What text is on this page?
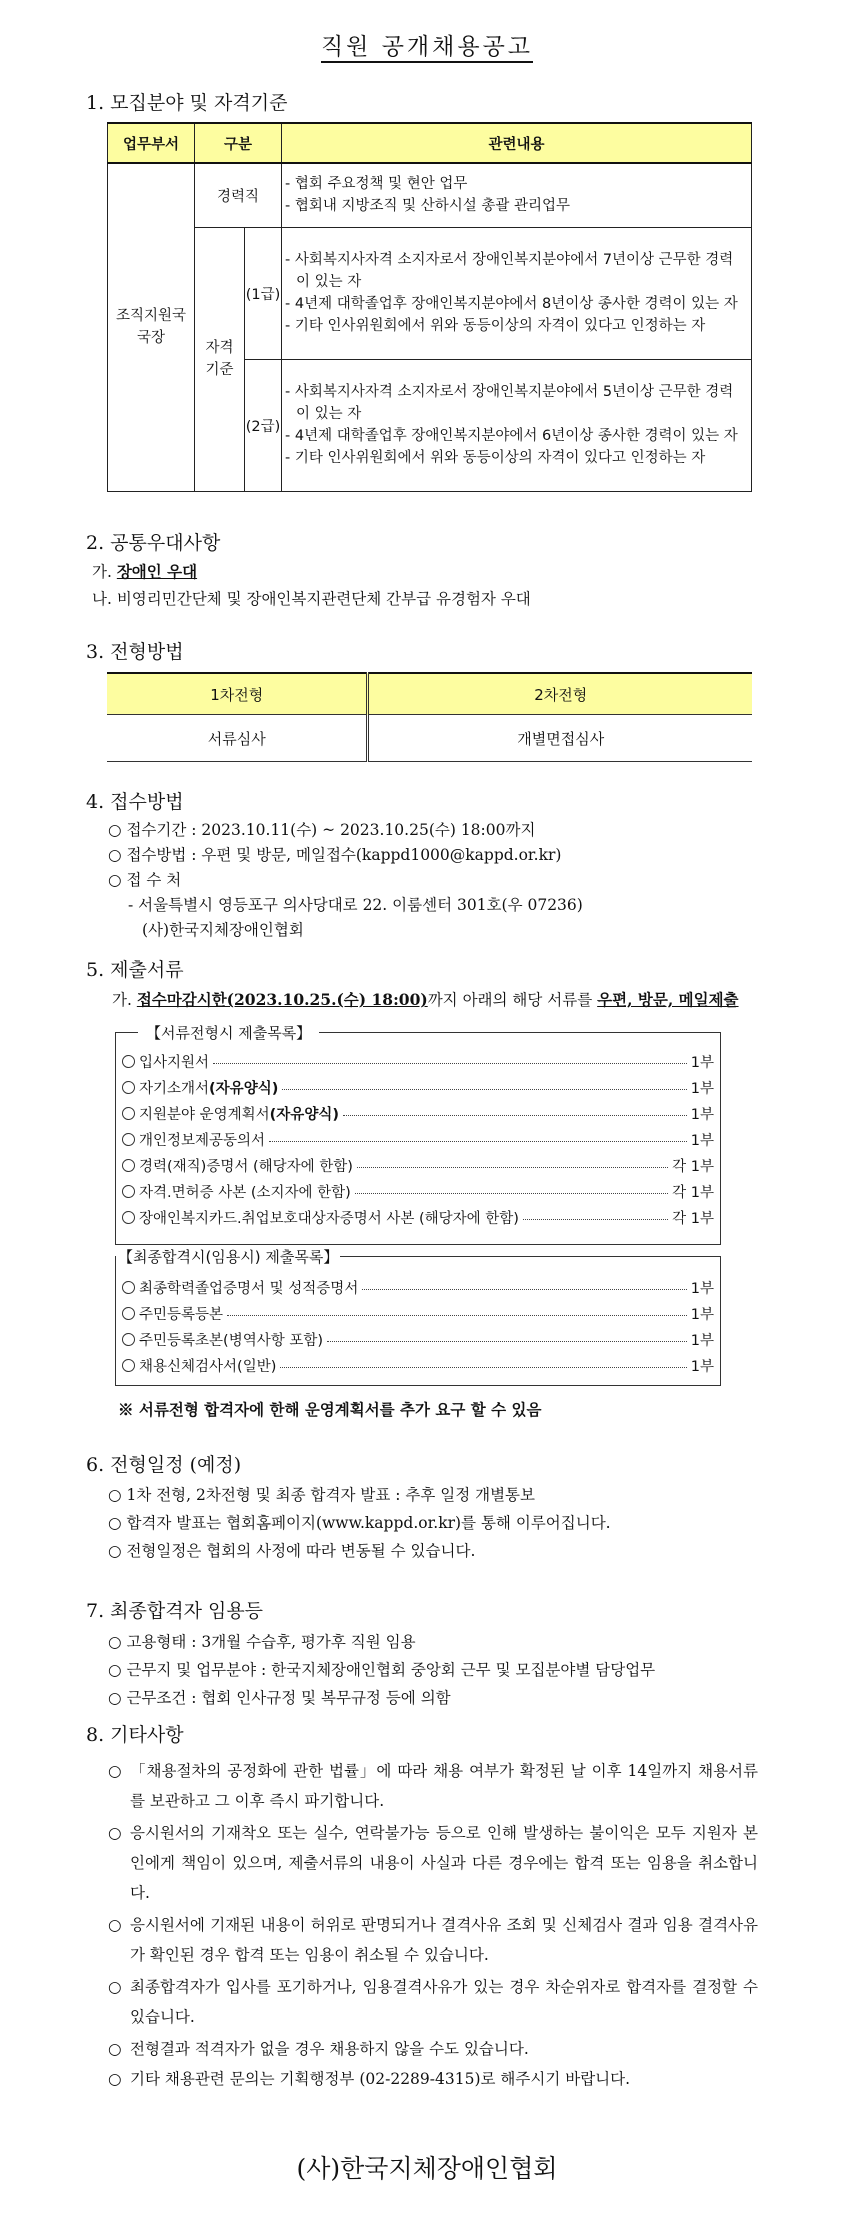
직원 공개채용공고
1. 모집분야 및 자격기준
업무부서	구분		관련내용
조직지원국 국장	경력직		- 협회 주요정책 및 현안 업무
- 협회내 지방조직 및 산하시설 총괄 관리업무

	자격 기준	(1급)	- 사회복지사자격 소지자로서 장애인복지분야에서 7년이상 근무한 경력이 있는 자
- 4년제 대학졸업후 장애인복지분야에서 8년이상 종사한 경력이 있는 자
- 기타 인사위원회에서 위와 동등이상의 자격이 있다고 인정하는 자

		(2급)	- 사회복지사자격 소지자로서 장애인복지분야에서 5년이상 근무한 경력이 있는 자
- 4년제 대학졸업후 장애인복지분야에서 6년이상 종사한 경력이 있는 자
- 기타 인사위원회에서 위와 동등이상의 자격이 있다고 인정하는 자
2. 공통우대사항
가. 장애인 우대
나. 비영리민간단체 및 장애인복지관련단체 간부급 유경험자 우대
3. 전형방법
1차전형	2차전형
서류심사	개별면접심사
4. 접수방법
○ 접수기간 : 2023.10.11(수) ~ 2023.10.25(수) 18:00까지
○ 접수방법 : 우편 및 방문, 메일접수(kappd1000@kappd.or.kr)
○ 접 수 처
- 서울특별시 영등포구 의사당대로 22. 이룸센터 301호(우 07236)
(사)한국지체장애인협회
5. 제출서류
가. 접수마감시한(2023.10.25.(수) 18:00)까지 아래의 해당 서류를 우편, 방문, 메일제출
【서류전형시 제출목록】
입사지원서	1부
자기소개서 (자유양식)	1부
지원분야 운영계획서 (자유양식)	1부
개인정보제공동의서	1부
경력(재직)증명서 (해당자에 한함)	각 1부
자격.면허증 사본 (소지자에 한함)	각 1부
장애인복지카드.취업보호대상자증명서 사본 (해당자에 한함)	각 1부
【최종합격시(임용시) 제출목록】
최종학력졸업증명서 및 성적증명서	1부
주민등록등본	1부
주민등록초본(병역사항 포함)	1부
채용신체검사서(일반)	1부
※ 서류전형 합격자에 한해 운영계획서를 추가 요구 할 수 있음
6. 전형일정 (예정)
○ 1차 전형, 2차전형 및 최종 합격자 발표 : 추후 일정 개별통보
○ 합격자 발표는 협회홈페이지(www.kappd.or.kr)를 통해 이루어집니다.
○ 전형일정은 협회의 사정에 따라 변동될 수 있습니다.
7. 최종합격자 임용등
○ 고용형태 : 3개월 수습후, 평가후 직원 임용
○ 근무지 및 업무분야 : 한국지체장애인협회 중앙회 근무 및 모집분야별 담당업무
○ 근무조건 : 협회 인사규정 및 복무규정 등에 의함
8. 기타사항
○ 「채용절차의 공정화에 관한 법률」에 따라 채용 여부가 확정된 날 이후 14일까지 채용서류를 보관하고 그 이후 즉시 파기합니다.
○ 응시원서의 기재착오 또는 실수, 연락불가능 등으로 인해 발생하는 불이익은 모두 지원자 본인에게 책임이 있으며, 제출서류의 내용이 사실과 다른 경우에는 합격 또는 임용을 취소합니다.
○ 응시원서에 기재된 내용이 허위로 판명되거나 결격사유 조회 및 신체검사 결과 임용 결격사유가 확인된 경우 합격 또는 임용이 취소될 수 있습니다.
○ 최종합격자가 입사를 포기하거나, 임용결격사유가 있는 경우 차순위자로 합격자를 결정할 수 있습니다.
○ 전형결과 적격자가 없을 경우 채용하지 않을 수도 있습니다.
○ 기타 채용관련 문의는 기획행정부 (02-2289-4315)로 해주시기 바랍니다.
(사)한국지체장애인협회
